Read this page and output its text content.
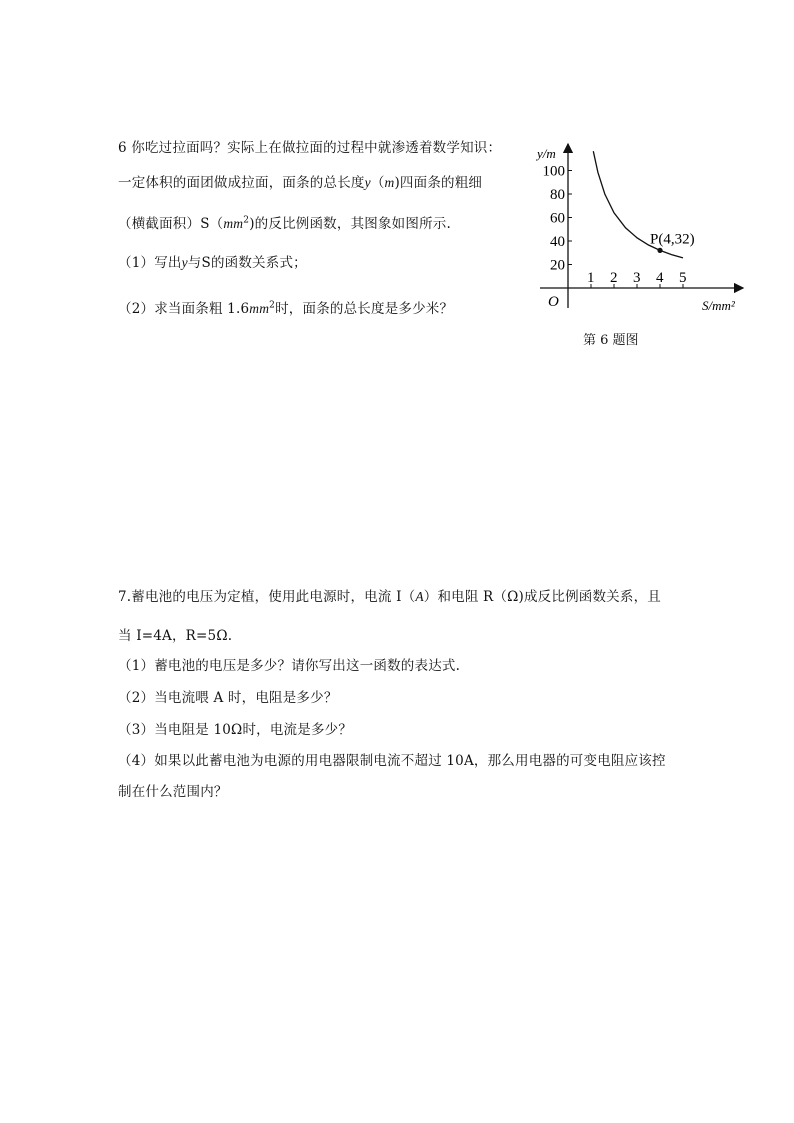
6 你吃过拉面吗？实际上在做拉面的过程中就渗透着数学知识：
一定体积的面团做成拉面，面条的总长度y（m)四面条的粗细
（横截面积）$S(mm^2)$的反比例函数，其图象如图所示.
（1）写出y与S的函数关系式；
（2）求当面条粗 $1.6mm^2$时，面条的总长度是多少米？
y/m
S/mm²
O
1 2 3 4 5
20
40
60
80
100
P(4,32)
第 6 题图
7.蓄电池的电压为定植，使用此电源时，电流 I（A）和电阻 R（Ω)成反比例函数关系，且
当 I=4A，R=5Ω.
（1）蓄电池的电压是多少？请你写出这一函数的表达式.
（2）当电流喂 A 时，电阻是多少？
（3）当电阻是 10Ω时，电流是多少？
（4）如果以此蓄电池为电源的用电器限制电流不超过 10A，那么用电器的可变电阻应该控
制在什么范围内？
